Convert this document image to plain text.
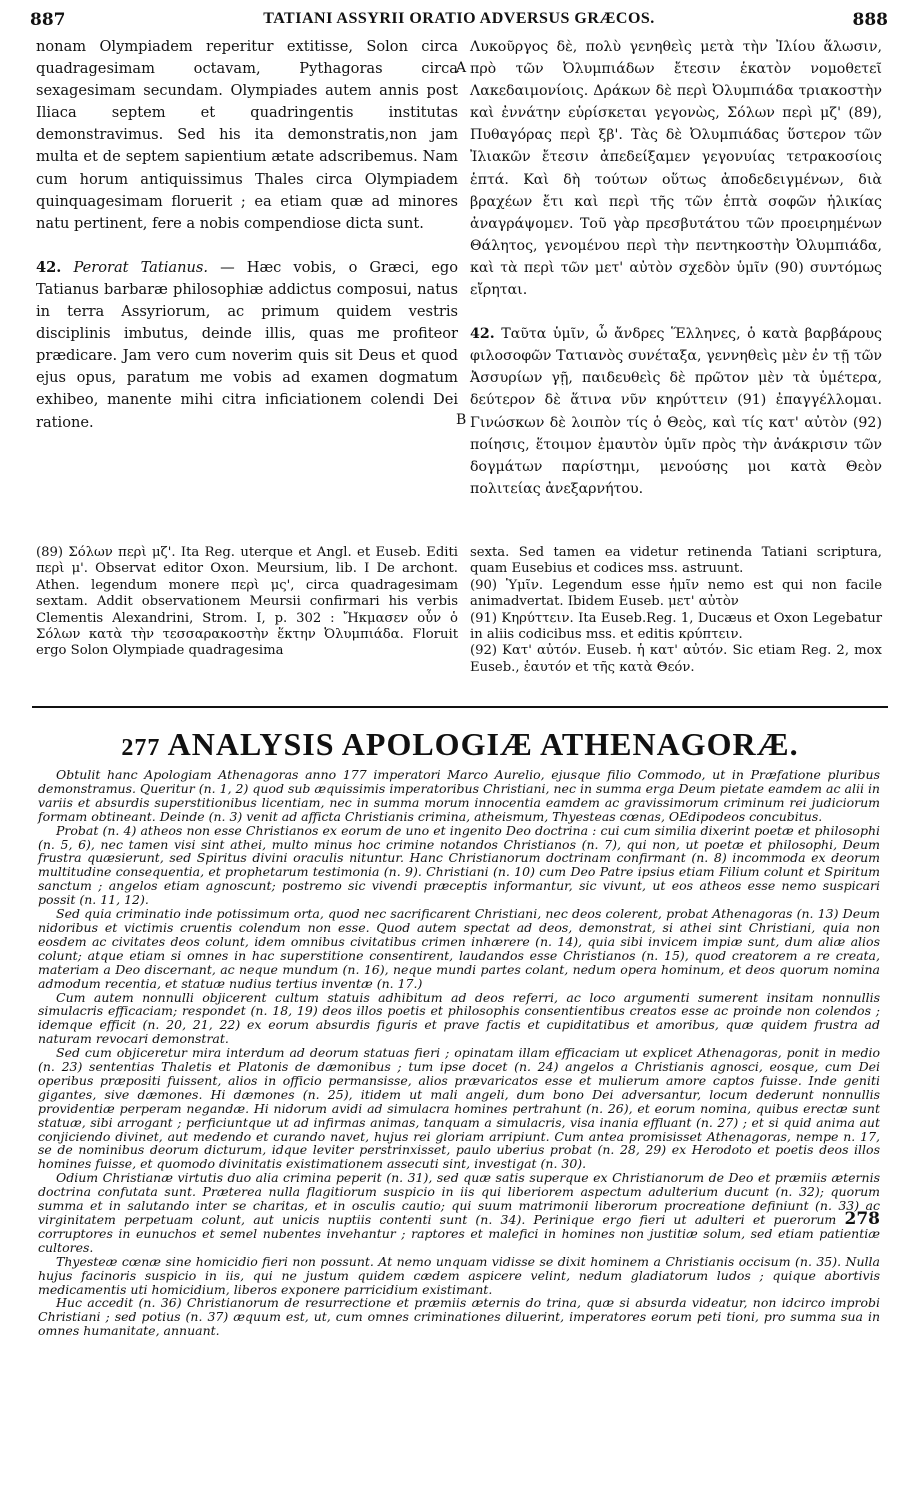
887	TATIANI ASSYRII ORATIO ADVERSUS GRÆCOS.	888

nonam Olympiadem reperitur extitisse, Solon circa quadragesimam octavam, Pythagoras circa sexagesimam secundam. Olympiades autem annis post Iliaca septem et quadringentis institutas demonstravimus. Sed his ita demonstratis,non jam multa et de septem sapientium ætate adscribemus. Nam cum horum antiquissimus Thales circa Olympiadem quinquagesimam floruerit ; ea etiam quæ ad minores natu pertinent, fere a nobis compendiose dicta sunt.

42. Perorat Tatianus. — Hæc vobis, o Græci, ego Tatianus barbaræ philosophiæ addictus composui, natus in terra Assyriorum, ac primum quidem vestris disciplinis imbutus, deinde illis, quas me profiteor prædicare. Jam vero cum noverim quis sit Deus et quod ejus opus, paratum me vobis ad examen dogmatum exhibeo, manente mihi citra inficiationem colendi Dei ratione.

A
B

Λυκοῦργος δὲ, πολὺ γενηθεὶς μετὰ τὴν Ἰλίου ἅλωσιν, πρὸ τῶν Ὀλυμπιάδων ἔτεσιν ἑκατὸν νομοθετεῖ Λακεδαιμονίοις. Δράκων δὲ περὶ Ὀλυμπιάδα τριακοστὴν καὶ ἐννάτην εὑρίσκεται γεγονὼς, Σόλων περὶ μζ' (89), Πυθαγόρας περὶ ξβ'. Τὰς δὲ Ὀλυμπιάδας ὕστερον τῶν Ἰλιακῶν ἔτεσιν ἀπεδείξαμεν γεγονυίας τετρακοσίοις ἑπτά. Καὶ δὴ τούτων οὕτως ἀποδεδειγμένων, διὰ βραχέων ἔτι καὶ περὶ τῆς τῶν ἑπτὰ σοφῶν ἡλικίας ἀναγράψομεν. Τοῦ γὰρ πρεσβυτάτου τῶν προειρημένων Θάλητος, γενομένου περὶ τὴν πεντηκοστὴν Ὀλυμπιάδα, καὶ τὰ περὶ τῶν μετ' αὐτὸν σχεδὸν ὑμῖν (90) συντόμως εἴρηται.

42. Ταῦτα ὑμῖν, ὦ ἄνδρες Ἕλληνες, ὁ κατὰ βαρβάρους φιλοσοφῶν Τατιανὸς συνέταξα, γεννηθεὶς μὲν ἐν τῇ τῶν Ἀσσυρίων γῇ, παιδευθεὶς δὲ πρῶτον μὲν τὰ ὑμέτερα, δεύτερον δὲ ἅτινα νῦν κηρύττειν (91) ἐπαγγέλλομαι. Γινώσκων δὲ λοιπὸν τίς ὁ Θεὸς, καὶ τίς κατ' αὐτὸν (92) ποίησις, ἕτοιμον ἐμαυτὸν ὑμῖν πρὸς τὴν ἀνάκρισιν τῶν δογμάτων παρίστημι, μενούσης μοι κατὰ Θεὸν πολιτείας ἀνεξαρνήτου.

(89) Σόλων περὶ μζ'. Ita Reg. uterque et Angl. et Euseb. Editi περὶ μ'. Observat editor Oxon. Meursium, lib. I De archont. Athen. legendum monere περὶ μς', circa quadragesimam sextam. Addit observationem Meursii confirmari his verbis Clementis Alexandrini, Strom. I, p. 302 : Ἤκμασεν οὖν ὁ Σόλων κατὰ τὴν τεσσαρακοστὴν ἕκτην Ὀλυμπιάδα. Floruit ergo Solon Olympiade quadragesima

sexta. Sed tamen ea videtur retinenda Tatiani scriptura, quam Eusebius et codices mss. astruunt.

(90) Ὑμῖν. Legendum esse ἡμῖν nemo est qui non facile animadvertat. Ibidem Euseb. μετ' αὐτὸν

(91) Κηρύττειν. Ita Euseb.Reg. 1, Ducæus et Oxon Legebatur in aliis codicibus mss. et editis κρύπτειν.

(92) Κατ' αὐτόν. Euseb. ἡ κατ' αὐτόν. Sic etiam Reg. 2, mox Euseb., ἑαυτόν et τῆς κατὰ Θεόν.

277 ANALYSIS APOLOGIÆ ATHENAGORÆ.

Obtulit hanc Apologiam Athenagoras anno 177 imperatori Marco Aurelio, ejusque filio Commodo, ut in Præfatione pluribus demonstramus. Queritur (n. 1, 2) quod sub æquissimis imperatoribus Christiani, nec in summa erga Deum pietate eamdem ac alii in variis et absurdis superstitionibus licentiam, nec in summa morum innocentia eamdem ac gravissimorum criminum rei judiciorum formam obtineant. Deinde (n. 3) venit ad afficta Christianis crimina, atheismum, Thyesteas cœnas, OEdipodeos concubitus.

Probat (n. 4) atheos non esse Christianos ex eorum de uno et ingenito Deo doctrina : cui cum similia dixerint poetæ et philosophi (n. 5, 6), nec tamen visi sint athei, multo minus hoc crimine notandos Christianos (n. 7), qui non, ut poetæ et philosophi, Deum frustra quæsierunt, sed Spiritus divini oraculis nituntur. Hanc Christianorum doctrinam confirmant (n. 8) incommoda ex deorum multitudine consequentia, et prophetarum testimonia (n. 9). Christiani (n. 10) cum Deo Patre ipsius etiam Filium colunt et Spiritum sanctum ; angelos etiam agnoscunt; postremo sic vivendi præceptis informantur, sic vivunt, ut eos atheos esse nemo suspicari possit (n. 11, 12).

Sed quia criminatio inde potissimum orta, quod nec sacrificarent Christiani, nec deos colerent, probat Athenagoras (n. 13) Deum nidoribus et victimis cruentis colendum non esse. Quod autem spectat ad deos, demonstrat, si athei sint Christiani, quia non eosdem ac civitates deos colunt, idem omnibus civitatibus crimen inhærere (n. 14), quia sibi invicem impiæ sunt, dum aliæ alios colunt; atque etiam si omnes in hac superstitione consentirent, laudandos esse Christianos (n. 15), quod creatorem a re creata, materiam a Deo discernant, ac neque mundum (n. 16), neque mundi partes colant, nedum opera hominum, et deos quorum nomina admodum recentia, et statuæ nudius tertius inventæ (n. 17.)

Cum autem nonnulli objicerent cultum statuis adhibitum ad deos referri, ac loco argumenti sumerent insitam nonnullis simulacris efficaciam; respondet (n. 18, 19) deos illos poetis et philosophis consentientibus creatos esse ac proinde non colendos ; idemque efficit (n. 20, 21, 22) ex eorum absurdis figuris et prave factis et cupiditatibus et amoribus, quæ quidem frustra ad naturam revocari demonstrat.

Sed cum objiceretur mira interdum ad deorum statuas fieri ; opinatam illam efficaciam ut explicet Athenagoras, ponit in medio (n. 23) sententias Thaletis et Platonis de dæmonibus ; tum ipse docet (n. 24) angelos a Christianis agnosci, eosque, cum Dei operibus præpositi fuissent, alios in officio permansisse, alios prævaricatos esse et mulierum amore captos fuisse. Inde geniti gigantes, sive dæmones. Hi dæmones (n. 25), itidem ut mali angeli, dum bono Dei adversantur, locum dederunt nonnullis providentiæ perperam negandæ. Hi nidorum avidi ad simulacra homines pertrahunt (n. 26), et eorum nomina, quibus erectæ sunt statuæ, sibi arrogant ; perficiuntque ut ad infirmas animas, tanquam a simulacris, visa inania effluant (n. 27) ; et si quid anima aut conjiciendo divinet, aut medendo et curando navet, hujus rei gloriam arripiunt. Cum antea promisisset Athenagoras, nempe n. 17, se de nominibus deorum dicturum, idque leviter perstrinxisset, paulo uberius probat (n. 28, 29) ex Herodoto et poetis deos illos homines fuisse, et quomodo divinitatis existimationem assecuti sint, investigat (n. 30).

Odium Christianæ virtutis duo alia crimina peperit (n. 31), sed quæ satis superque ex Christianorum de Deo et præmiis æternis doctrina confutata sunt. Præterea nulla flagitiorum suspicio in iis qui liberiorem aspectum adulterium ducunt (n. 32); quorum summa et in salutando inter se charitas, et in osculis cautio; qui suum matrimonii liberorum procreatione definiunt (n. 33) ac virginitatem perpetuam colunt, aut unicis nuptiis contenti sunt (n. 34). Perinique ergo fieri ut adulteri et puerorum 278 corruptores in eunuchos et semel nubentes invehantur ; raptores et malefici in homines non justitiæ solum, sed etiam patientiæ cultores.

Thyesteæ cœnæ sine homicidio fieri non possunt. At nemo unquam vidisse se dixit hominem a Christianis occisum (n. 35). Nulla hujus facinoris suspicio in iis, qui ne justum quidem cædem aspicere velint, nedum gladiatorum ludos ; quique abortivis medicamentis uti homicidium, liberos exponere parricidium existimant.

Huc accedit (n. 36) Christianorum de resurrectione et præmiis æternis do trina, quæ si absurda videatur, non idcirco improbi Christiani ; sed potius (n. 37) æquum est, ut, cum omnes criminationes diluerint, imperatores eorum peti tioni, pro summa sua in omnes humanitate, annuant.
